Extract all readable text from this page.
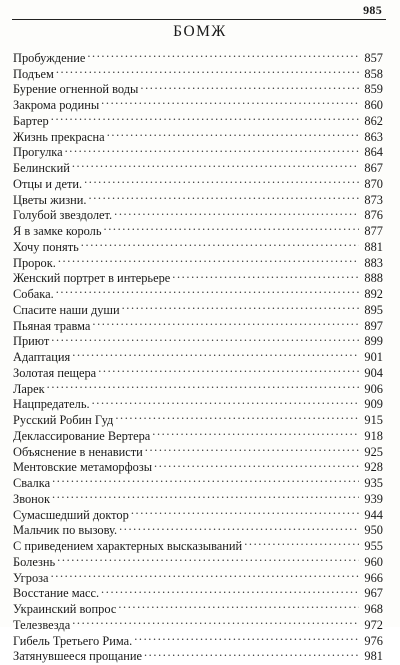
985
БОМЖ
Пробуждение .....	857
Подъем .....	858
Бурение огненной воды .....	859
Закрома родины .....	860
Бартер .....	862
Жизнь прекрасна .....	863
Прогулка .....	864
Белинский .....	867
Отцы и дети. .....	870
Цветы жизни. .....	873
Голубой звездолет. .....	876
Я в замке король .....	877
Хочу понять .....	881
Пророк. .....	883
Женский портрет в интерьере .....	888
Собака. .....	892
Спасите наши души .....	895
Пьяная травма .....	897
Приют .....	899
Адаптация .....	901
Золотая пещера .....	904
Ларек .....	906
Нацпредатель. .....	909
Русский Робин Гуд .....	915
Деклассирование Вертера .....	918
Объяснение в ненависти .....	925
Ментовские метаморфозы .....	928
Свалка .....	935
Звонок .....	939
Сумасшедший доктор .....	944
Мальчик по вызову. .....	950
С приведением характерных высказываний .....	955
Болезнь .....	960
Угроза .....	966
Восстание масс. .....	967
Украинский вопрос .....	968
Телезвезда .....	972
Гибель Третьего Рима. .....	976
Затянувшееся прощание .....	981
